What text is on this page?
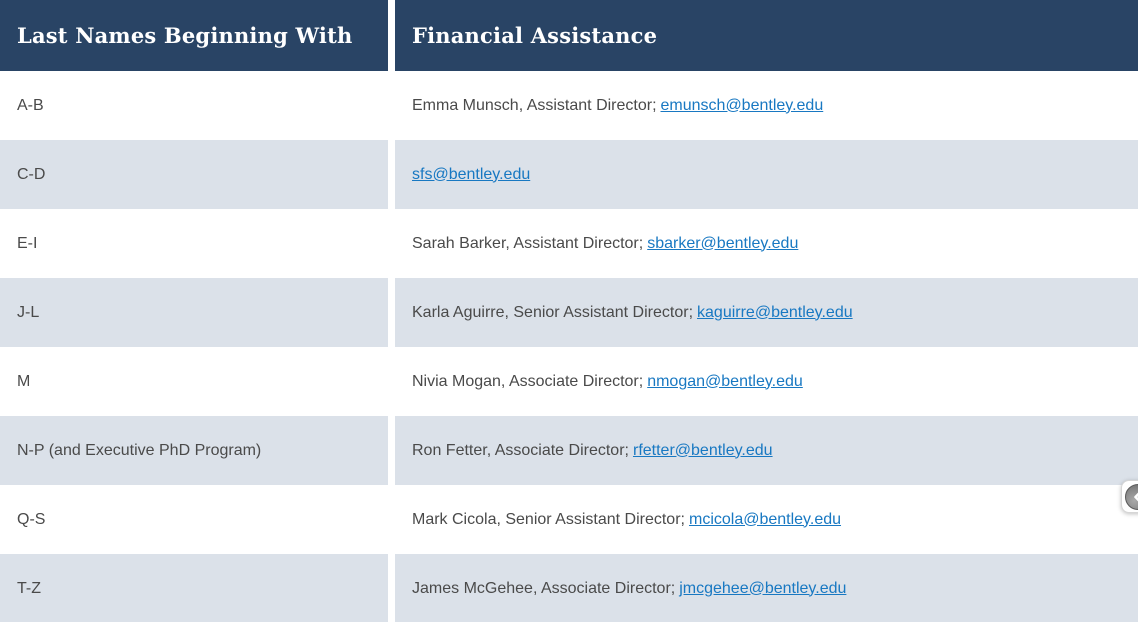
Last Names Beginning With	Financial Assistance
A-B	Emma Munsch, Assistant Director; emunsch@bentley.edu
C-D	sfs@bentley.edu
E-I	Sarah Barker, Assistant Director; sbarker@bentley.edu
J-L	Karla Aguirre, Senior Assistant Director; kaguirre@bentley.edu
M	Nivia Mogan, Associate Director; nmogan@bentley.edu
N-P (and Executive PhD Program)	Ron Fetter, Associate Director; rfetter@bentley.edu
Q-S	Mark Cicola, Senior Assistant Director; mcicola@bentley.edu
T-Z	James McGehee, Associate Director; jmcgehee@bentley.edu
